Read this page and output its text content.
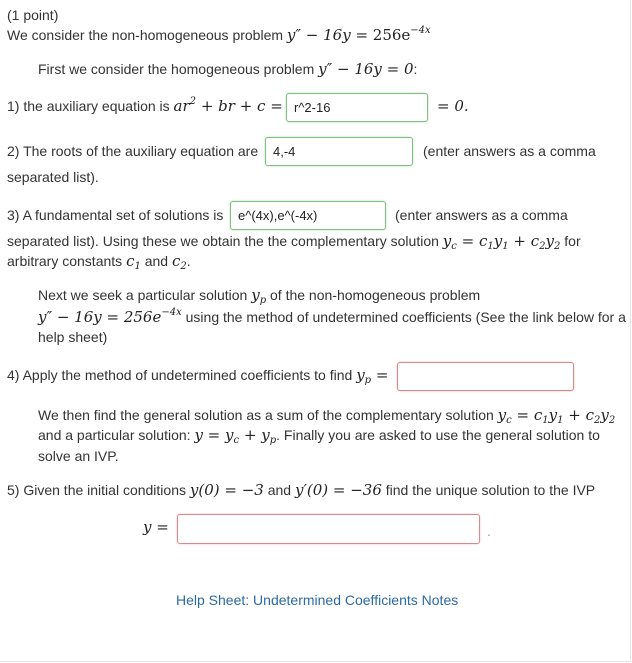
(1 point)
We consider the non-homogeneous problem $y'' - 16y = 256e^{-4x}$
First we consider the homogeneous problem y″ − 16y = 0:
1) the auxiliary equation is $ar^2$ + br + c =
r^2-16	= 0.
2) The roots of the auxiliary equation are
4,-4	(enter answers as a comma
separated list).
3) A fundamental set of solutions is
e^(4x),e^(-4x)	(enter answers as a comma
separated list). Using these we obtain the the complementary solution $y_c = c_1y_1 + c_2y_2$ for
arbitrary constants $c_1$ and $c_2$.
Next we seek a particular solution $y_p$ of the non-homogeneous problem
$y'' - 16y = 256e^{-4x}$ using the method of undetermined coefficients (See the link below for a
help sheet)
4) Apply the method of undetermined coefficients to find $y_p$ =
We then find the general solution as a sum of the complementary solution $y_c = c_1y_1 + c_2y_2$
and a particular solution: $y = y_c + y_p$. Finally you are asked to use the general solution to
solve an IVP.
5) Given the initial conditions y(0) = −3 and y′(0) = −36 find the unique solution to the IVP
y =	.
Help Sheet: Undetermined Coefficients Notes
